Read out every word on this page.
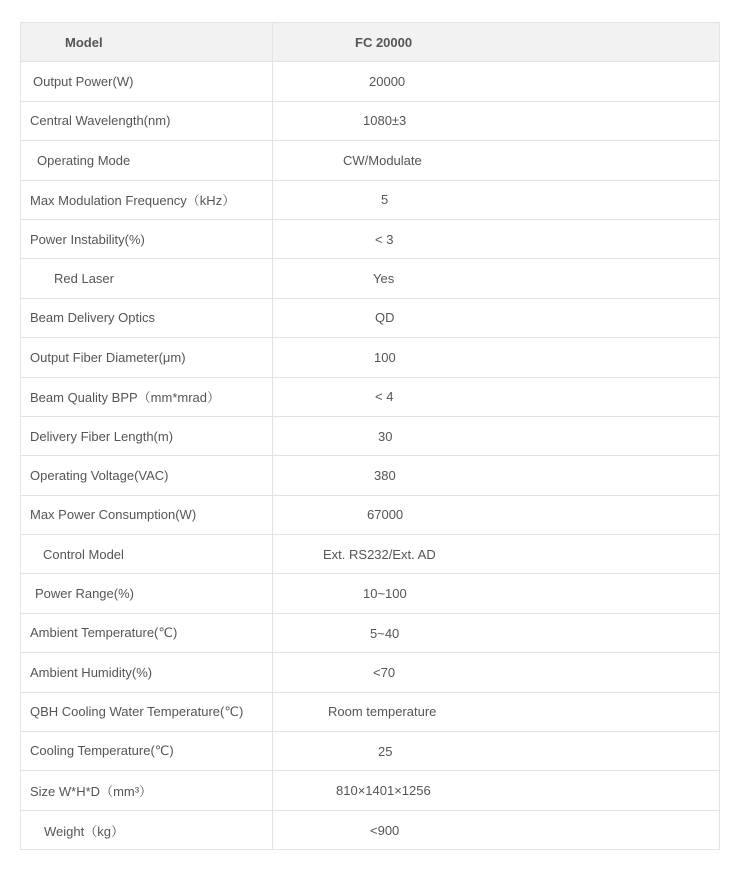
Model	FC 20000
Output Power(W)	20000
Central Wavelength(nm)	1080±3
Operating Mode	CW/Modulate
Max Modulation Frequency（kHz）	5
Power Instability(%)	< 3
Red Laser	Yes
Beam Delivery Optics	QD
Output Fiber Diameter(μm)	100
Beam Quality BPP（mm*mrad）	< 4
Delivery Fiber Length(m)	30
Operating Voltage(VAC)	380
Max Power Consumption(W)	67000
Control Model	Ext. RS232/Ext. AD
Power Range(%)	10~100
Ambient Temperature(℃)	5~40
Ambient Humidity(%)	<70
QBH Cooling Water Temperature(℃)	Room temperature
Cooling Temperature(℃)	25
Size W*H*D（mm³）	810×1401×1256
Weight（kg）	<900
